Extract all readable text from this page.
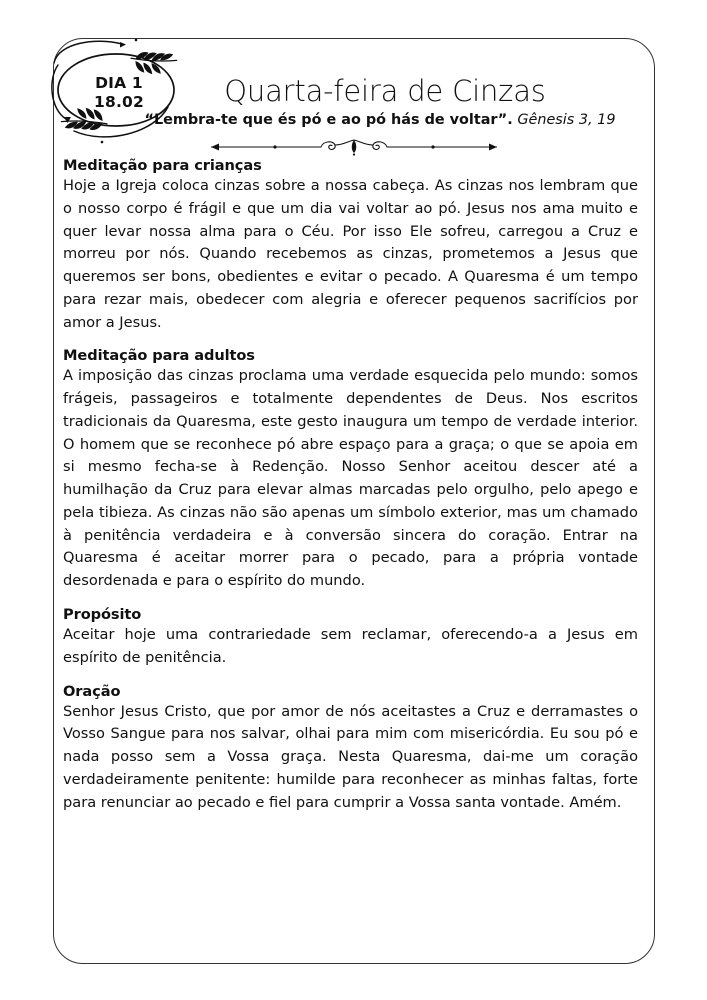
Quarta-feira de Cinzas
DIA 1
18.02
“Lembra-te que és pó e ao pó hás de voltar”. Gênesis 3, 19
Meditação para crianças

Hoje a Igreja coloca cinzas sobre a nossa cabeça. As cinzas nos lembram que o nosso corpo é frágil e que um dia vai voltar ao pó. Jesus nos ama muito e quer levar nossa alma para o Céu. Por isso Ele sofreu, carregou a Cruz e morreu por nós. Quando recebemos as cinzas, prometemos a Jesus que queremos ser bons, obedientes e evitar o pecado. A Quaresma é um tempo para rezar mais, obedecer com alegria e oferecer pequenos sacrifícios por amor a Jesus.

Meditação para adultos

A imposição das cinzas proclama uma verdade esquecida pelo mundo: somos frágeis, passageiros e totalmente dependentes de Deus. Nos escritos tradicionais da Quaresma, este gesto inaugura um tempo de verdade interior. O homem que se reconhece pó abre espaço para a graça; o que se apoia em si mesmo fecha-se à Redenção. Nosso Senhor aceitou descer até a humilhação da Cruz para elevar almas marcadas pelo orgulho, pelo apego e pela tibieza. As cinzas não são apenas um símbolo exterior, mas um chamado à penitência verdadeira e à conversão sincera do coração. Entrar na Quaresma é aceitar morrer para o pecado, para a própria vontade desordenada e para o espírito do mundo.

Propósito

Aceitar hoje uma contrariedade sem reclamar, oferecendo-a a Jesus em espírito de penitência.

Oração

Senhor Jesus Cristo, que por amor de nós aceitastes a Cruz e derramastes o Vosso Sangue para nos salvar, olhai para mim com misericórdia. Eu sou pó e nada posso sem a Vossa graça. Nesta Quaresma, dai-me um coração verdadeiramente penitente: humilde para reconhecer as minhas faltas, forte para renunciar ao pecado e fiel para cumprir a Vossa santa vontade. Amém.
